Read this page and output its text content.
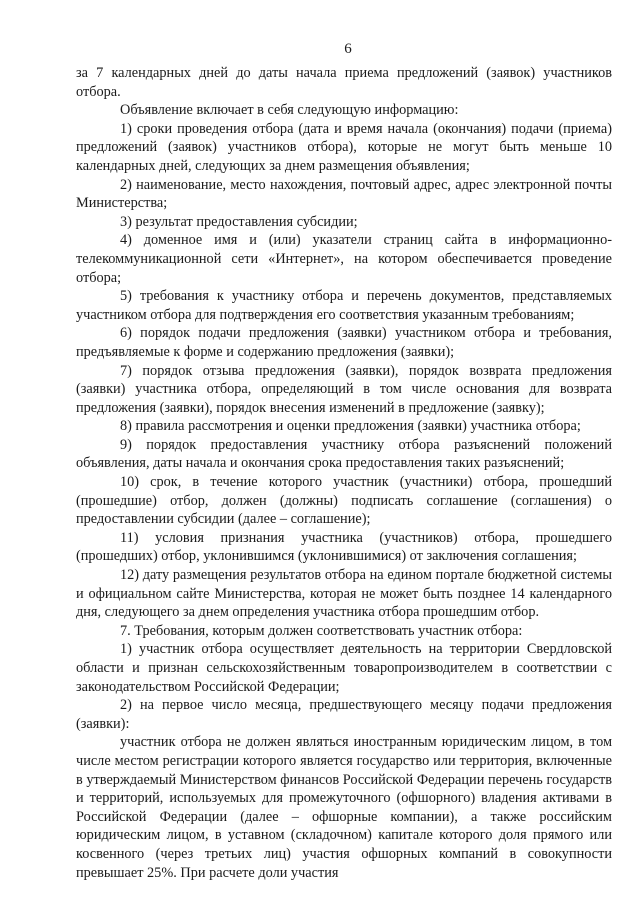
6

за 7 календарных дней до даты начала приема предложений (заявок) участников отбора.

Объявление включает в себя следующую информацию:

1) сроки проведения отбора (дата и время начала (окончания) подачи (приема) предложений (заявок) участников отбора), которые не могут быть меньше 10 календарных дней, следующих за днем размещения объявления;

2) наименование, место нахождения, почтовый адрес, адрес электронной почты Министерства;

3) результат предоставления субсидии;

4) доменное имя и (или) указатели страниц сайта в информационно-телекоммуникационной сети «Интернет», на котором обеспечивается проведение отбора;

5) требования к участнику отбора и перечень документов, представляемых участником отбора для подтверждения его соответствия указанным требованиям;

6) порядок подачи предложения (заявки) участником отбора и требования, предъявляемые к форме и содержанию предложения (заявки);

7) порядок отзыва предложения (заявки), порядок возврата предложения (заявки) участника отбора, определяющий в том числе основания для возврата предложения (заявки), порядок внесения изменений в предложение (заявку);

8) правила рассмотрения и оценки предложения (заявки) участника отбора;

9) порядок предоставления участнику отбора разъяснений положений объявления, даты начала и окончания срока предоставления таких разъяснений;

10) срок, в течение которого участник (участники) отбора, прошедший (прошедшие) отбор, должен (должны) подписать соглашение (соглашения) о предоставлении субсидии (далее – соглашение);

11) условия признания участника (участников) отбора, прошедшего (прошедших) отбор, уклонившимся (уклонившимися) от заключения соглашения;

12) дату размещения результатов отбора на едином портале бюджетной системы и официальном сайте Министерства, которая не может быть позднее 14 календарного дня, следующего за днем определения участника отбора прошедшим отбор.

7. Требования, которым должен соответствовать участник отбора:

1) участник отбора осуществляет деятельность на территории Свердловской области и признан сельскохозяйственным товаропроизводителем в соответствии с законодательством Российской Федерации;

2) на первое число месяца, предшествующего месяцу подачи предложения (заявки):

участник отбора не должен являться иностранным юридическим лицом, в том числе местом регистрации которого является государство или территория, включенные в утверждаемый Министерством финансов Российской Федерации перечень государств и территорий, используемых для промежуточного (офшорного) владения активами в Российской Федерации (далее – офшорные компании), а также российским юридическим лицом, в уставном (складочном) капитале которого доля прямого или косвенного (через третьих лиц) участия офшорных компаний в совокупности превышает 25%. При расчете доли участия
